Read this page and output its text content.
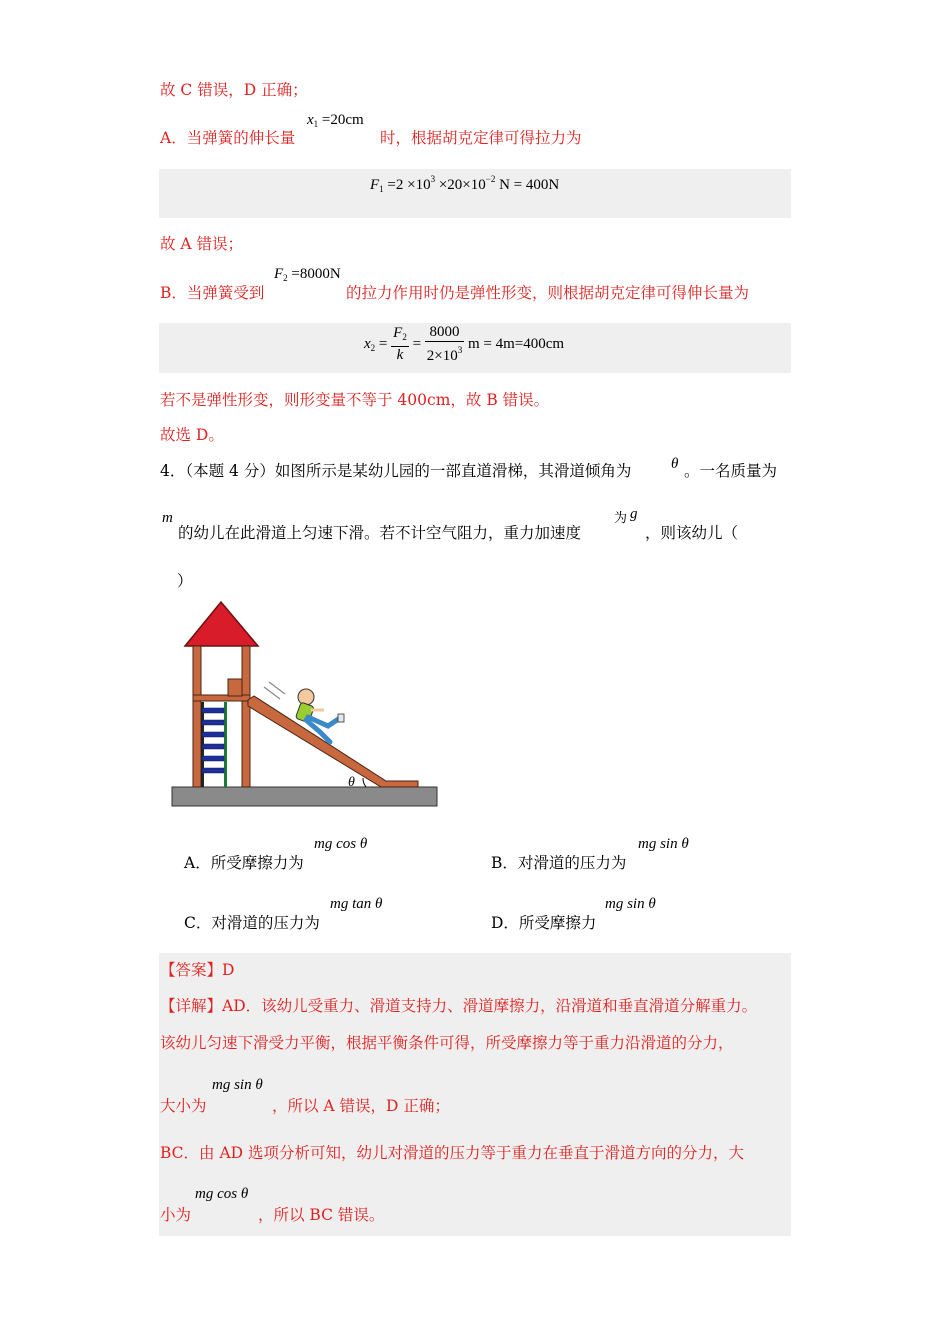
故 C 错误，D 正确；
A．当弹簧的伸长量
$x_1 =20cm$
时，根据胡克定律可得拉力为
$F_1 =2 \times 10^3 \times 20\times 10^{-2}$ N = 400N
故 A 错误；
B．当弹簧受到
$F_2 =8000N$
的拉力作用时仍是弹性形变，则根据胡克定律可得伸长量为
$x_2 = \frac{F_2}{k} = \frac{8000}{2\times 10^3}$ m = 4m=400cm
若不是弹性形变，则形变量不等于 400cm，故 B 错误。
故选 D。
4．（本题 4 分）如图所示是某幼儿园的一部直道滑梯，其滑道倾角为	θ 。一名质量为
m
的幼儿在此滑道上匀速下滑。若不计空气阻力，重力加速度
为 g
，则该幼儿（
）
θ
A．所受摩擦力为
mg cos θ
B．对滑道的压力为
mg sin θ
C．对滑道的压力为
mg tan θ
D．所受摩擦力
mg sin θ
【答案】D
【详解】AD．该幼儿受重力、滑道支持力、滑道摩擦力，沿滑道和垂直滑道分解重力。
该幼儿匀速下滑受力平衡，根据平衡条件可得，所受摩擦力等于重力沿滑道的分力，
大小为
mg sin θ
，所以 A 错误，D 正确；
BC．由 AD 选项分析可知，幼儿对滑道的压力等于重力在垂直于滑道方向的分力，大
小为
mg cos θ
，所以 BC 错误。
